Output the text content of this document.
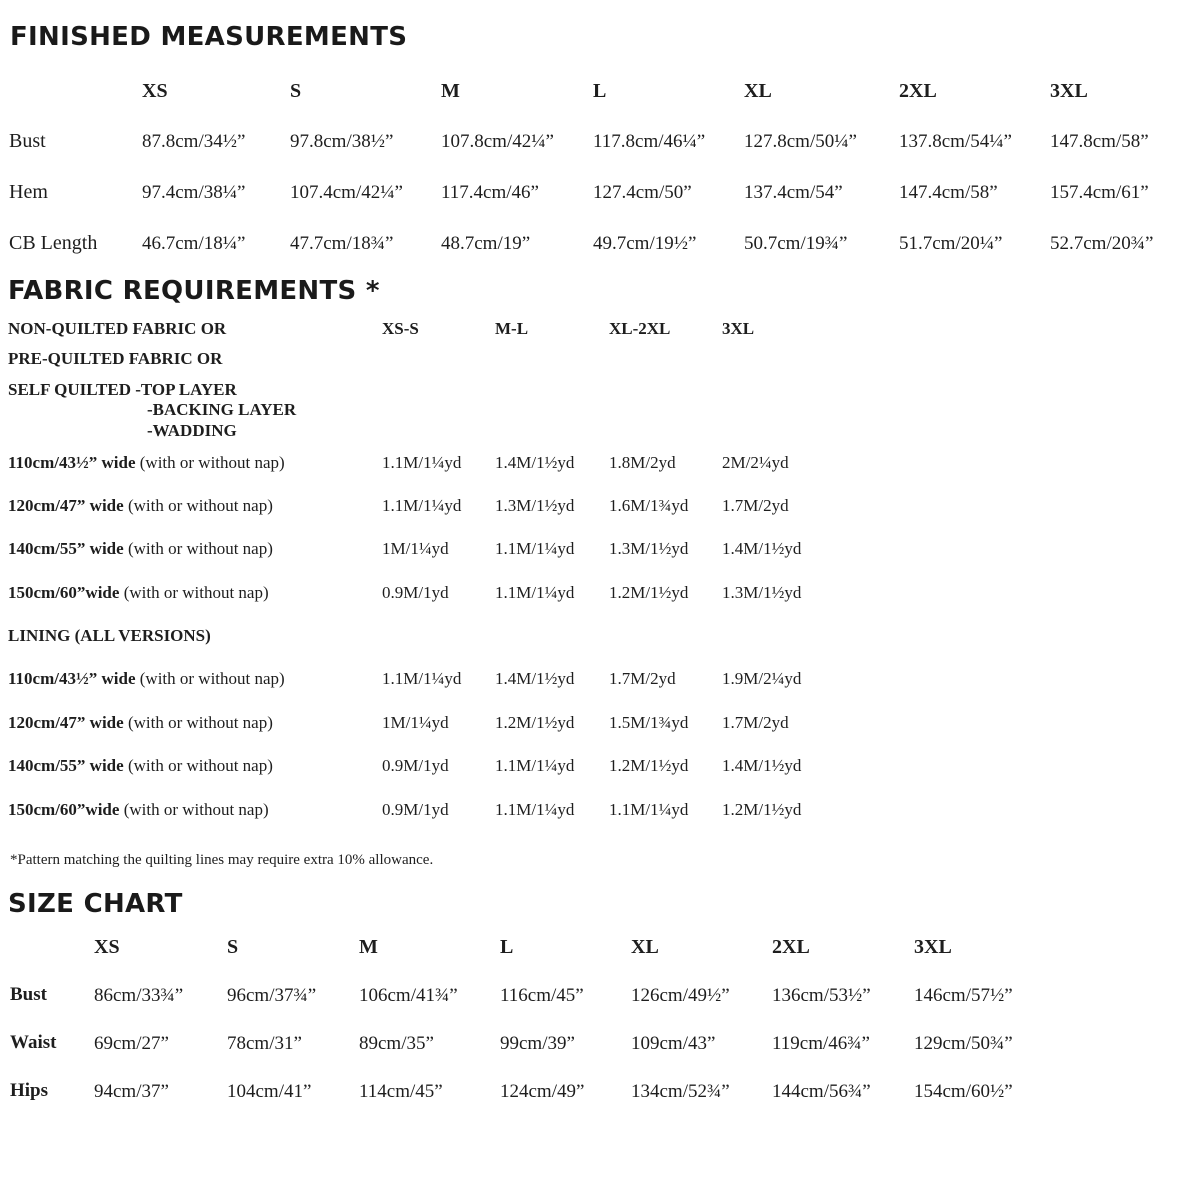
FINISHED MEASUREMENTS
XS	S	M	L	XL	2XL	3XL
Bust	87.8cm/34½” 97.8cm/38½”	107.8cm/42¼” 117.8cm/46¼” 127.8cm/50¼” 137.8cm/54¼” 147.8cm/58”
Hem	97.4cm/38¼” 107.4cm/42¼” 117.4cm/46”	127.4cm/50”	137.4cm/54”	147.4cm/58”	157.4cm/61”
CB Length 46.7cm/18¼” 47.7cm/18¾”	48.7cm/19”	49.7cm/19½”	50.7cm/19¾”	51.7cm/20¼”	52.7cm/20¾”
FABRIC REQUIREMENTS *
NON-QUILTED FABRIC OR
PRE-QUILTED FABRIC OR
SELF QUILTED -TOP LAYER
-BACKING LAYER
-WADDING
XS-S	M-L	XL-2XL	3XL
110cm/43½” wide (with or without nap)	1.1M/1¼yd 1.4M/1½yd 1.8M/2yd	2M/2¼yd
120cm/47” wide (with or without nap)	1.1M/1¼yd 1.3M/1½yd 1.6M/1¾yd 1.7M/2yd
140cm/55” wide (with or without nap)	1M/1¼yd	1.1M/1¼yd 1.3M/1½yd 1.4M/1½yd
150cm/60”wide (with or without nap)	0.9M/1yd	1.1M/1¼yd 1.2M/1½yd 1.3M/1½yd
LINING (ALL VERSIONS)
110cm/43½” wide (with or without nap)	1.1M/1¼yd 1.4M/1½yd 1.7M/2yd	1.9M/2¼yd
120cm/47” wide (with or without nap)	1M/1¼yd	1.2M/1½yd 1.5M/1¾yd 1.7M/2yd
140cm/55” wide (with or without nap)	0.9M/1yd	1.1M/1¼yd 1.2M/1½yd 1.4M/1½yd
150cm/60”wide (with or without nap)	0.9M/1yd	1.1M/1¼yd 1.1M/1¼yd 1.2M/1½yd
*Pattern matching the quilting lines may require extra 10% allowance.
SIZE CHART
XS	S	M	L	XL	2XL	3XL
Bust 86cm/33¾” 96cm/37¾” 106cm/41¾” 116cm/45” 126cm/49½” 136cm/53½” 146cm/57½”
Waist 69cm/27”	78cm/31”	89cm/35”	99cm/39”	109cm/43”	119cm/46¾” 129cm/50¾”
Hips 94cm/37”	104cm/41”	114cm/45”	124cm/49” 134cm/52¾” 144cm/56¾” 154cm/60½”
